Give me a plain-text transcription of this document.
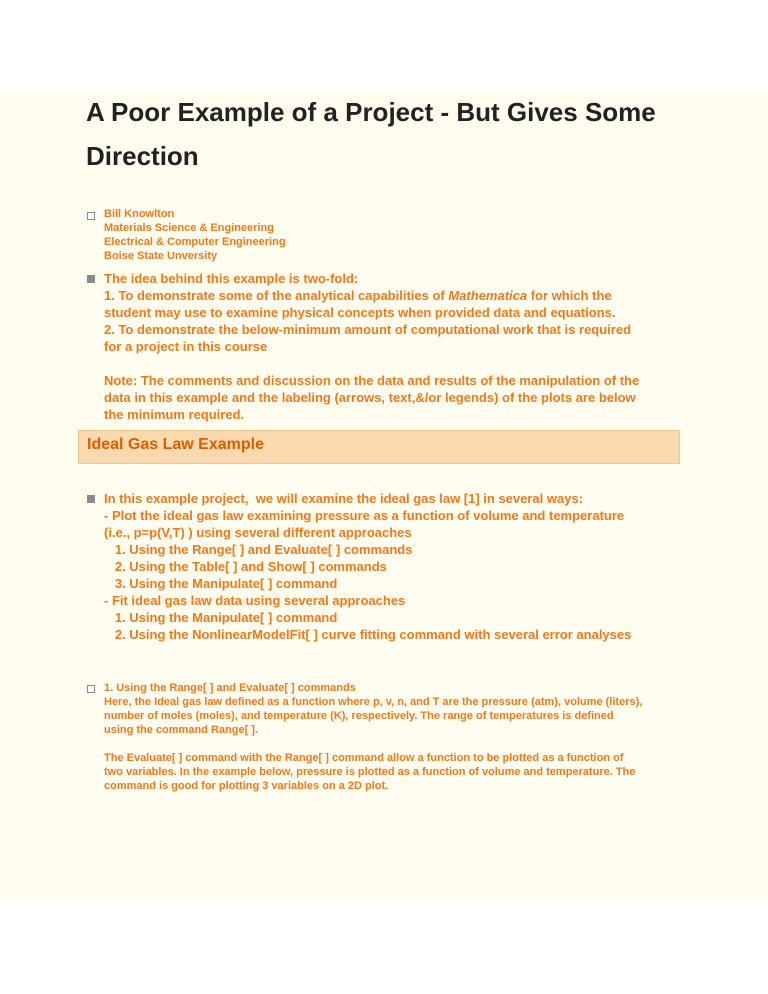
A Poor Example of a Project - But Gives Some Direction
Bill Knowlton
Materials Science & Engineering
Electrical & Computer Engineering
Boise State Unversity
The idea behind this example is two-fold:
1. To demonstrate some of the analytical capabilities of Mathematica for which the
student may use to examine physical concepts when provided data and equations.
2. To demonstrate the below-minimum amount of computational work that is required
for a project in this course
Note: The comments and discussion on the data and results of the manipulation of the
data in this example and the labeling (arrows, text,&/or legends) of the plots are below
the minimum required.
Ideal Gas Law Example
In this example project,  we will examine the ideal gas law [1] in several ways:
- Plot the ideal gas law examining pressure as a function of volume and temperature
(i.e., p=p(V,T) ) using several different approaches
1. Using the Range[ ] and Evaluate[ ] commands
2. Using the Table[ ] and Show[ ] commands
3. Using the Manipulate[ ] command
- Fit ideal gas law data using several approaches
1. Using the Manipulate[ ] command
2. Using the NonlinearModelFit[ ] curve fitting command with several error analyses
1. Using the Range[ ] and Evaluate[ ] commands
Here, the Ideal gas law defined as a function where p, v, n, and T are the pressure (atm), volume (liters),
number of moles (moles), and temperature (K), respectively. The range of temperatures is defined
using the command Range[ ].
The Evaluate[ ] command with the Range[ ] command allow a function to be plotted as a function of
two variables. In the example below, pressure is plotted as a function of volume and temperature. The
command is good for plotting 3 variables on a 2D plot.
